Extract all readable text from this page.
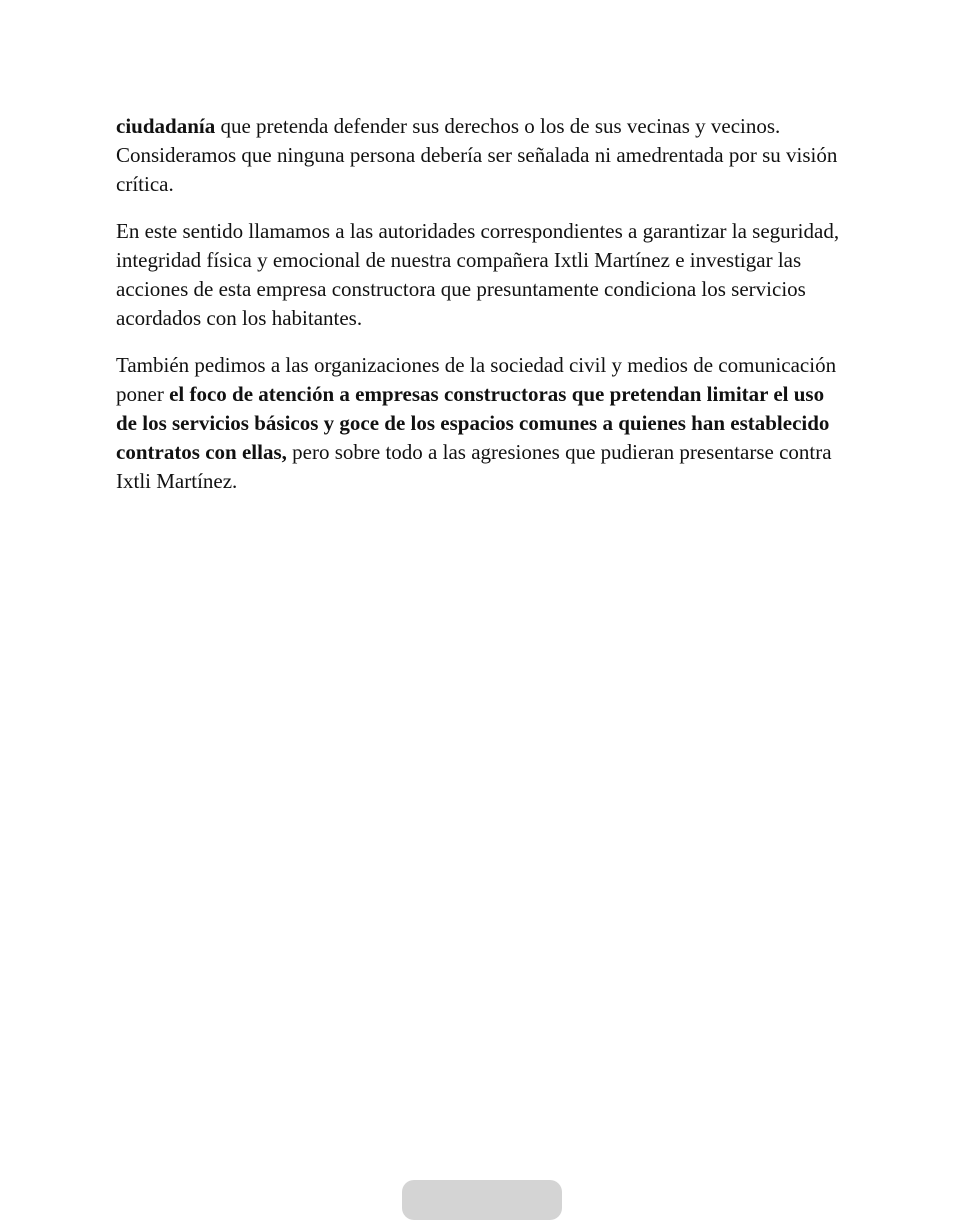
ciudadanía que pretenda defender sus derechos o los de sus vecinas y vecinos. Consideramos que ninguna persona debería ser señalada ni amedrentada por su visión crítica.

En este sentido llamamos a las autoridades correspondientes a garantizar la seguridad, integridad física y emocional de nuestra compañera Ixtli Martínez e investigar las acciones de esta empresa constructora que presuntamente condiciona los servicios acordados con los habitantes.

También pedimos a las organizaciones de la sociedad civil y medios de comunicación poner el foco de atención a empresas constructoras que pretendan limitar el uso de los servicios básicos y goce de los espacios comunes a quienes han establecido contratos con ellas, pero sobre todo a las agresiones que pudieran presentarse contra Ixtli Martínez.
